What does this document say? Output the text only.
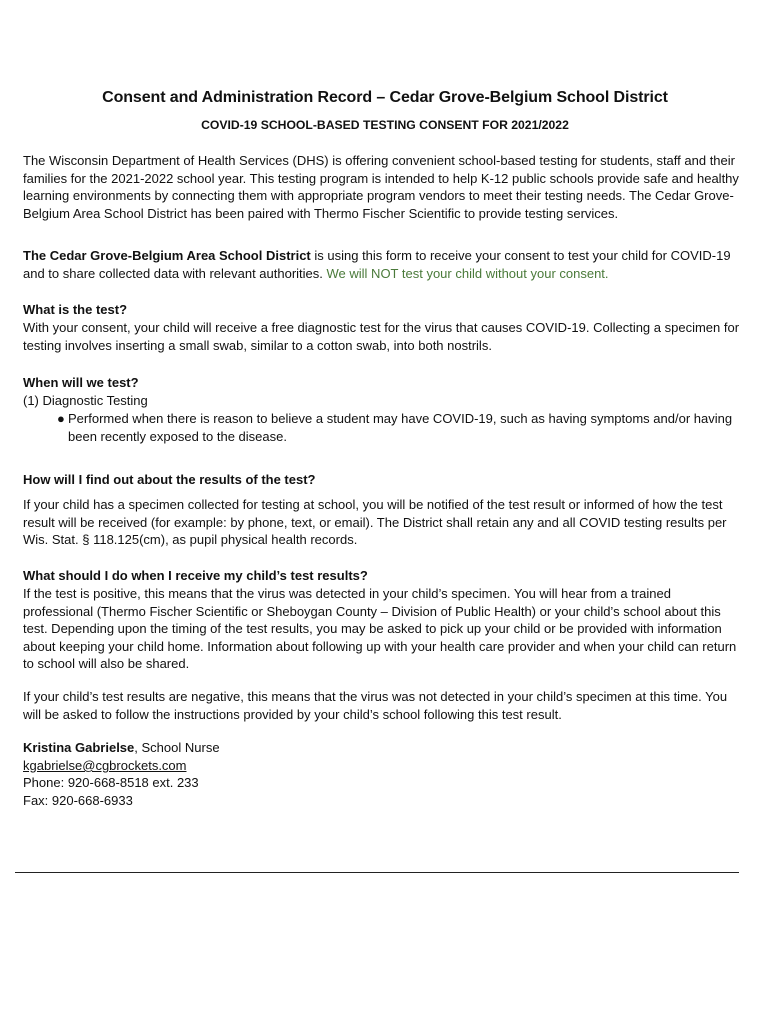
Consent and Administration Record – Cedar Grove-Belgium School District
COVID-19 SCHOOL-BASED TESTING CONSENT FOR 2021/2022

The Wisconsin Department of Health Services (DHS) is offering convenient school-based testing for students, staff and their families for the 2021-2022 school year. This testing program is intended to help K-12 public schools provide safe and healthy learning environments by connecting them with appropriate program vendors to meet their testing needs. The Cedar Grove-Belgium Area School District has been paired with Thermo Fischer Scientific to provide testing services.

The Cedar Grove-Belgium Area School District is using this form to receive your consent to test your child for COVID-19 and to share collected data with relevant authorities. We will NOT test your child without your consent.

What is the test?

With your consent, your child will receive a free diagnostic test for the virus that causes COVID-19. Collecting a specimen for testing involves inserting a small swab, similar to a cotton swab, into both nostrils.

When will we test?
(1) Diagnostic Testing
● Performed when there is reason to believe a student may have COVID-19, such as having symptoms and/or having been recently exposed to the disease.
How will I find out about the results of the test?

If your child has a specimen collected for testing at school, you will be notified of the test result or informed of how the test result will be received (for example: by phone, text, or email). The District shall retain any and all COVID testing results per Wis. Stat. § 118.125(cm), as pupil physical health records.

What should I do when I receive my child’s test results?

If the test is positive, this means that the virus was detected in your child’s specimen. You will hear from a trained professional (Thermo Fischer Scientific or Sheboygan County – Division of Public Health) or your child’s school about this test. Depending upon the timing of the test results, you may be asked to pick up your child or be provided with information about keeping your child home. Information about following up with your health care provider and when your child can return to school will also be shared.

If your child’s test results are negative, this means that the virus was not detected in your child’s specimen at this time. You will be asked to follow the instructions provided by your child’s school following this test result.

Kristina Gabrielse, School Nurse
kgabrielse@cgbrockets.com
Phone: 920-668-8518 ext. 233
Fax: 920-668-6933
